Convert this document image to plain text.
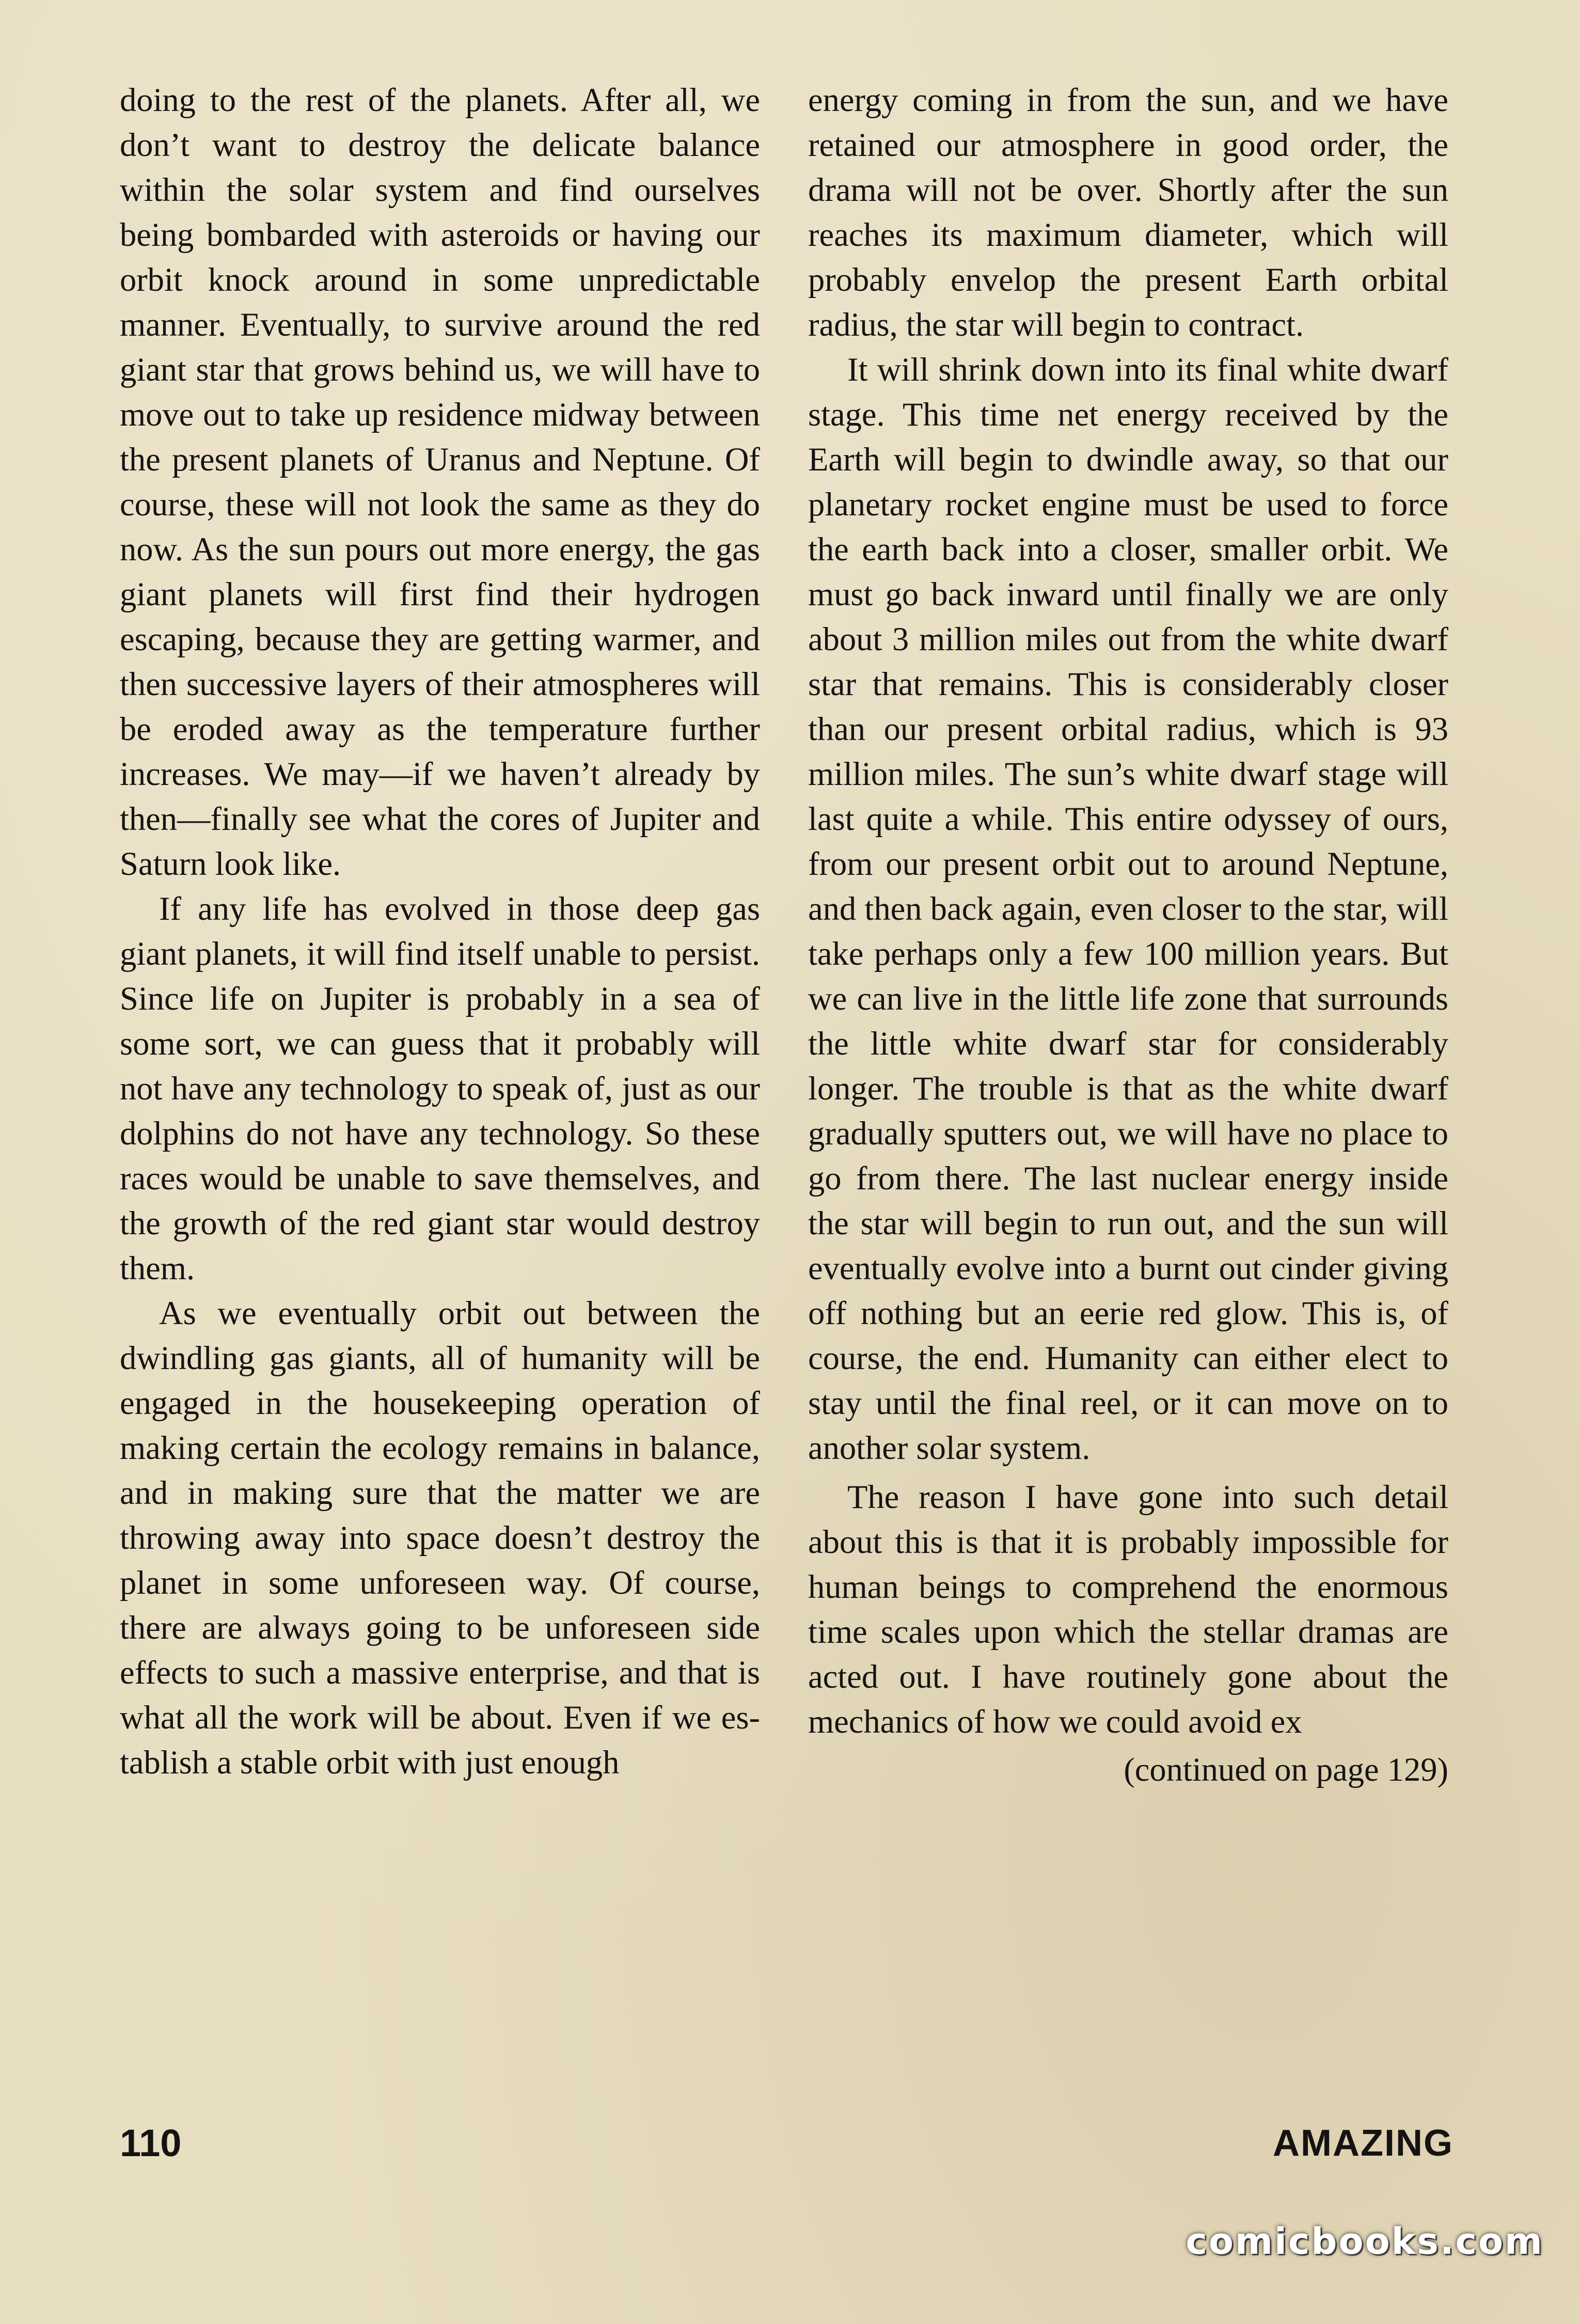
doing to the rest of the planets. After all, we don’t want to destroy the delicate balance within the solar system and find ourselves being bombarded with asteroids or having our orbit knock around in some unpredictable manner. Eventually, to survive around the red giant star that grows behind us, we will have to move out to take up residence midway between the present planets of Uranus and Neptune. Of course, these will not look the same as they do now. As the sun pours out more energy, the gas giant planets will first find their hydrogen escaping, because they are getting warmer, and then successive layers of their atmospheres will be eroded away as the temperature further increases. We may—if we haven’t already by then—finally see what the cores of Jupiter and Saturn look like.

If any life has evolved in those deep gas giant planets, it will find itself unable to persist. Since life on Jupiter is probably in a sea of some sort, we can guess that it probably will not have any technology to speak of, just as our dolphins do not have any technology. So these races would be unable to save themselves, and the growth of the red giant star would destroy them.

As we eventually orbit out between the dwindling gas giants, all of humanity will be engaged in the housekeeping operation of making certain the ecology remains in balance, and in making sure that the matter we are throwing away into space doesn’t destroy the planet in some unforeseen way. Of course, there are always going to be unforeseen side effects to such a massive enterprise, and that is what all the work will be about. Even if we establish a stable orbit with just enough

energy coming in from the sun, and we have retained our atmosphere in good order, the drama will not be over. Shortly after the sun reaches its maximum diameter, which will probably envelop the present Earth orbital radius, the star will begin to contract.

It will shrink down into its final white dwarf stage. This time net energy received by the Earth will begin to dwindle away, so that our planetary rocket engine must be used to force the earth back into a closer, smaller orbit. We must go back inward until finally we are only about 3 million miles out from the white dwarf star that remains. This is considerably closer than our present orbital radius, which is 93 million miles. The sun’s white dwarf stage will last quite a while. This entire odyssey of ours, from our present orbit out to around Neptune, and then back again, even closer to the star, will take perhaps only a few 100 million years. But we can live in the little life zone that surrounds the little white dwarf star for considerably longer. The trouble is that as the white dwarf gradually sputters out, we will have no place to go from there. The last nuclear energy inside the star will begin to run out, and the sun will eventually evolve into a burnt out cinder giving off nothing but an eerie red glow. This is, of course, the end. Humanity can either elect to stay until the final reel, or it can move on to another solar system.

The reason I have gone into such detail about this is that it is probably impossible for human beings to comprehend the enormous time scales upon which the stellar dramas are acted out. I have routinely gone about the mechanics of how we could avoid ex

(continued on page 129)
110	AMAZING
comicbooks.com
